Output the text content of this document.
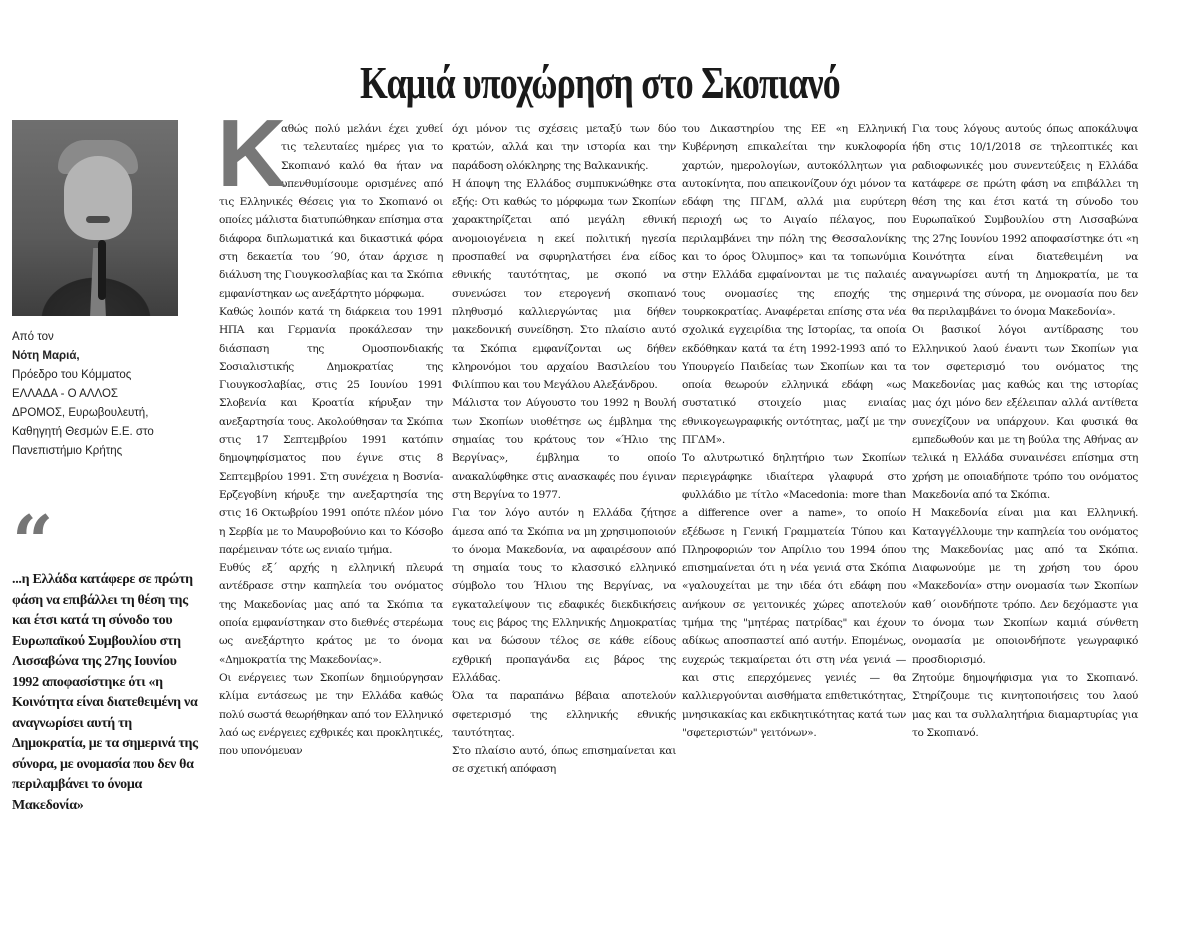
Καμιά υποχώρηση στο Σκοπιανό
Από τον
Νότη Μαριά,
Πρόεδρο του Κόμματος
ΕΛΛΑΔΑ - Ο ΑΛΛΟΣ
ΔΡΟΜΟΣ, Ευρωβουλευτή,
Καθηγητή Θεσμών Ε.Ε. στο
Πανεπιστήμιο Κρήτης
“
...η Ελλάδα κατάφερε σε πρώτη φάση να επιβάλλει τη θέση της και έτσι κατά τη σύνοδο του Ευρωπαϊκού Συμβουλίου στη Λισσαβώνα της 27ης Ιουνίου 1992 αποφασίστηκε ότι «η Κοινότητα είναι διατεθειμένη να αναγνωρίσει αυτή τη Δημοκρατία, με τα σημερινά της σύνορα, με ονομασία που δεν θα περιλαμβάνει το όνομα Μακεδονία»
Κ

αθώς πολύ μελάνι έχει χυθεί τις τελευταίες ημέρες για το Σκοπιανό καλό θα ήταν να υπενθυμίσουμε ορισμένες από τις Ελληνικές Θέσεις για το Σκοπιανό οι οποίες μάλιστα διατυπώθηκαν επίσημα στα διάφορα διπλωματικά και δικαστικά φόρα στη δεκαετία του ΄90, όταν άρχισε η διάλυση της Γιουγκοσλαβίας και τα Σκόπια εμφανίστηκαν ως ανεξάρτητο μόρφωμα.

Καθώς λοιπόν κατά τη διάρκεια του 1991 ΗΠΑ και Γερμανία προκάλεσαν την διάσπαση της Ομοσπονδιακής Σοσιαλιστικής Δημοκρατίας της Γιουγκοσλαβίας, στις 25 Ιουνίου 1991 Σλοβενία και Κροατία κήρυξαν την ανεξαρτησία τους. Ακολούθησαν τα Σκόπια στις 17 Σεπτεμβρίου 1991 κατόπιν δημοψηφίσματος που έγινε στις 8 Σεπτεμβρίου 1991. Στη συνέχεια η Βοσνία-Ερζεγοβίνη κήρυξε την ανεξαρτησία της στις 16 Οκτωβρίου 1991 οπότε πλέον μόνο η Σερβία με το Μαυροβούνιο και το Κόσοβο παρέμειναν τότε ως ενιαίο τμήμα.

Ευθύς εξ΄ αρχής η ελληνική πλευρά αντέδρασε στην καπηλεία του ονόματος της Μακεδονίας μας από τα Σκόπια τα οποία εμφανίστηκαν στο διεθνές στερέωμα ως ανεξάρτητο κράτος με το όνομα «Δημοκρατία της Μακεδονίας».

Οι ενέργειες των Σκοπίων δημιούργησαν κλίμα εντάσεως με την Ελλάδα καθώς πολύ σωστά θεωρήθηκαν από τον Ελληνικό λαό ως ενέργειες εχθρικές και προκλητικές, που υπονόμευαν

όχι μόνον τις σχέσεις μεταξύ των δύο κρατών, αλλά και την ιστορία και την παράδοση ολόκληρης της Βαλκανικής.

Η άποψη της Ελλάδος συμπυκνώθηκε στα εξής: Οτι καθώς το μόρφωμα των Σκοπίων χαρακτηρίζεται από μεγάλη εθνική ανομοιογένεια η εκεί πολιτική ηγεσία προσπαθεί να σφυρηλατήσει ένα είδος εθνικής ταυτότητας, με σκοπό να συνενώσει τον ετερογενή σκοπιανό πληθυσμό καλλιεργώντας μια δήθεν μακεδονική συνείδηση. Στο πλαίσιο αυτό τα Σκόπια εμφανίζονται ως δήθεν κληρονόμοι του αρχαίου Βασιλείου του Φιλίππου και του Μεγάλου Αλεξάνδρου.

Μάλιστα τον Αύγουστο του 1992 η Βουλή των Σκοπίων υιοθέτησε ως έμβλημα της σημαίας του κράτους τον «Ήλιο της Βεργίνας», έμβλημα το οποίο ανακαλύφθηκε στις ανασκαφές που έγιναν στη Βεργίνα το 1977.

Για τον λόγο αυτόν η Ελλάδα ζήτησε άμεσα από τα Σκόπια να μη χρησιμοποιούν το όνομα Μακεδονία, να αφαιρέσουν από τη σημαία τους το κλασσικό ελληνικό σύμβολο του Ήλιου της Βεργίνας, να εγκαταλείψουν τις εδαφικές διεκδικήσεις τους εις βάρος της Ελληνικής Δημοκρατίας και να δώσουν τέλος σε κάθε είδους εχθρική προπαγάνδα εις βάρος της Ελλάδας.

Όλα τα παραπάνω βέβαια αποτελούν σφετερισμό της ελληνικής εθνικής ταυτότητας.

Στο πλαίσιο αυτό, όπως επισημαίνεται και σε σχετική απόφαση

του Δικαστηρίου της ΕΕ «η Ελληνική Κυβέρνηση επικαλείται την κυκλοφορία χαρτών, ημερολογίων, αυτοκόλλητων για αυτοκίνητα, που απεικονίζουν όχι μόνον τα εδάφη της ΠΓΔΜ, αλλά μια ευρύτερη περιοχή ως το Αιγαίο πέλαγος, που περιλαμβάνει την πόλη της Θεσσαλονίκης και το όρος Όλυμπος» και τα τοπωνύμια στην Ελλάδα εμφαίνονται με τις παλαιές τους ονομασίες της εποχής της τουρκοκρατίας. Αναφέρεται επίσης στα νέα σχολικά εγχειρίδια της Ιστορίας, τα οποία εκδόθηκαν κατά τα έτη 1992-1993 από το Υπουργείο Παιδείας των Σκοπίων και τα οποία θεωρούν ελληνικά εδάφη «ως συστατικό στοιχείο μιας ενιαίας εθνικογεωγραφικής οντότητας, μαζί με την ΠΓΔΜ».

Το αλυτρωτικό δηλητήριο των Σκοπίων περιεγράφηκε ιδιαίτερα γλαφυρά στο φυλλάδιο με τίτλο «Macedonia: more than a difference over a name», το οποίο εξέδωσε η Γενική Γραμματεία Τύπου και Πληροφοριών τον Απρίλιο του 1994 όπου επισημαίνεται ότι η νέα γενιά στα Σκόπια «γαλουχείται με την ιδέα ότι εδάφη που ανήκουν σε γειτονικές χώρες αποτελούν τμήμα της "μητέρας πατρίδας" και έχουν αδίκως αποσπαστεί από αυτήν. Επομένως, ευχερώς τεκμαίρεται ότι στη νέα γενιά — και στις επερχόμενες γενιές — θα καλλιεργούνται αισθήματα επιθετικότητας, μνησικακίας και εκδικητικότητας κατά των "σφετεριστών" γειτόνων».

Για τους λόγους αυτούς όπως αποκάλυψα ήδη στις 10/1/2018 σε τηλεοπτικές και ραδιοφωνικές μου συνεντεύξεις η Ελλάδα κατάφερε σε πρώτη φάση να επιβάλλει τη θέση της και έτσι κατά τη σύνοδο του Ευρωπαϊκού Συμβουλίου στη Λισσαβώνα της 27ης Ιουνίου 1992 αποφασίστηκε ότι «η Κοινότητα είναι διατεθειμένη να αναγνωρίσει αυτή τη Δημοκρατία, με τα σημερινά της σύνορα, με ονομασία που δεν θα περιλαμβάνει το όνομα Μακεδονία».

Οι βασικοί λόγοι αντίδρασης του Ελληνικού λαού έναντι των Σκοπίων για τον σφετερισμό του ονόματος της Μακεδονίας μας καθώς και της ιστορίας μας όχι μόνο δεν εξέλειπαν αλλά αντίθετα συνεχίζουν να υπάρχουν. Και φυσικά θα εμπεδωθούν και με τη βούλα της Αθήνας αν τελικά η Ελλάδα συναινέσει επίσημα στη χρήση με οποιαδήποτε τρόπο του ονόματος Μακεδονία από τα Σκόπια.

Η Μακεδονία είναι μια και Ελληνική. Καταγγέλλουμε την καπηλεία του ονόματος της Μακεδονίας μας από τα Σκόπια. Διαφωνούμε με τη χρήση του όρου «Μακεδονία» στην ονομασία των Σκοπίων καθ΄ οιονδήποτε τρόπο. Δεν δεχόμαστε για το όνομα των Σκοπίων καμιά σύνθετη ονομασία με οποιονδήποτε γεωγραφικό προσδιορισμό.

Ζητούμε δημοψήφισμα για το Σκοπιανό. Στηρίζουμε τις κινητοποιήσεις του λαού μας και τα συλλαλητήρια διαμαρτυρίας για το Σκοπιανό.
